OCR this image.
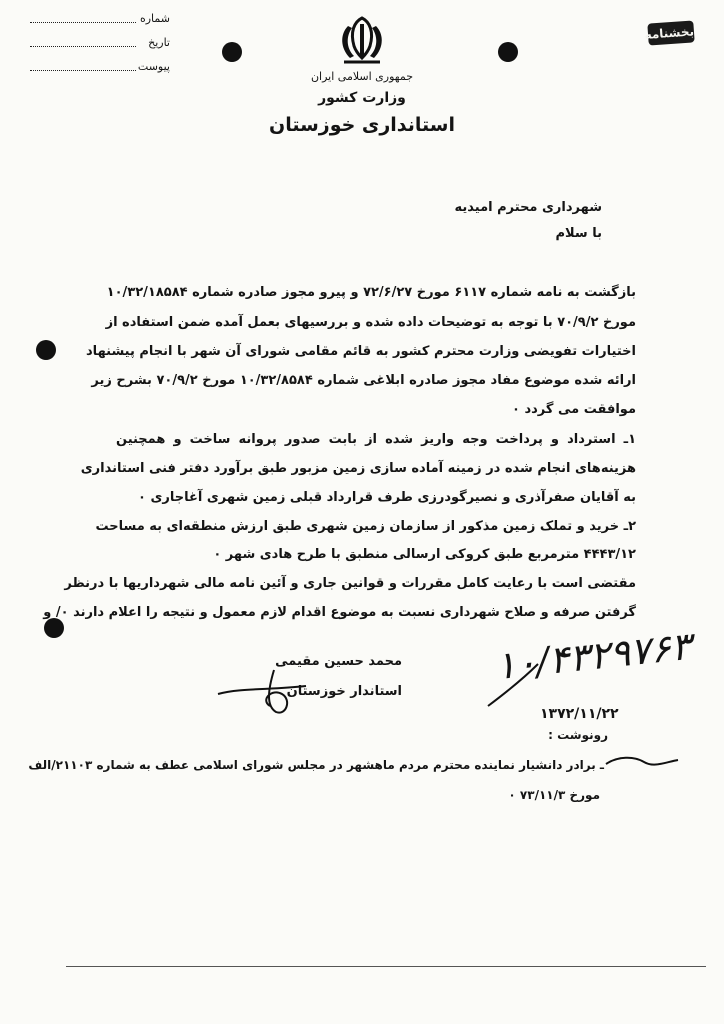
شماره
تاریخ
پیوست
بخشنامه
جمهوری اسلامی ایران
وزارت کشور
استانداری خوزستان
شهرداری محترم امیدیه
با سلام
بازگشت به نامه شماره ۶۱۱۷ مورخ ۷۲/۶/۲۷ و پیرو مجوز صادره شماره ۱۰/۳۲/۱۸۵۸۴
مورخ ۷۰/۹/۲ با توجه به توضیحات داده شده و بررسیهای بعمل آمده ضمن استفاده از
اختیارات تفویضی وزارت محترم کشور به قائم مقامی شورای آن شهر با انجام پیشنهاد
ارائه شده موضوع مفاد مجوز صادره ابلاغی شماره ۱۰/۳۲/۸۵۸۴ مورخ ۷۰/۹/۲ بشرح زیر
موافقت می گردد ۰
۱ـ استرداد و پرداخت وجه واریز شده از بابت صدور پروانه ساخت و همچنین
هزینه‌های انجام شده در زمینه آماده سازی زمین مزبور طبق برآورد دفتر فنی استانداری
به آقایان صفرآذری و نصیرگودرزی طرف قرارداد قبلی زمین شهری آغاجاری ۰
۲ـ خرید و تملک زمین مذکور از سازمان زمین شهری طبق ارزش منطقه‌ای به مساحت
۴۴۴۳/۱۲ مترمربع طبق کروکی ارسالی منطبق با طرح هادی شهر ۰
مقتضی است با رعایت کامل مقررات و قوانین جاری و آئین نامه مالی شهرداریها با درنظر
گرفتن صرفه و صلاح شهرداری نسبت به موضوع اقدام لازم معمول و نتیجه را اعلام دارند ۰/ و
محمد حسین مقیمی
استاندار خوزستان
۱۰/۴۳۲۹۷۶۳
۱۳۷۲/۱۱/۲۲
رونوشت :
ـ برادر دانشیار نماینده محترم مردم ماهشهر در مجلس شورای اسلامی عطف به شماره ۲۱۱۰۳/الف
مورخ ۷۳/۱۱/۳ ۰
